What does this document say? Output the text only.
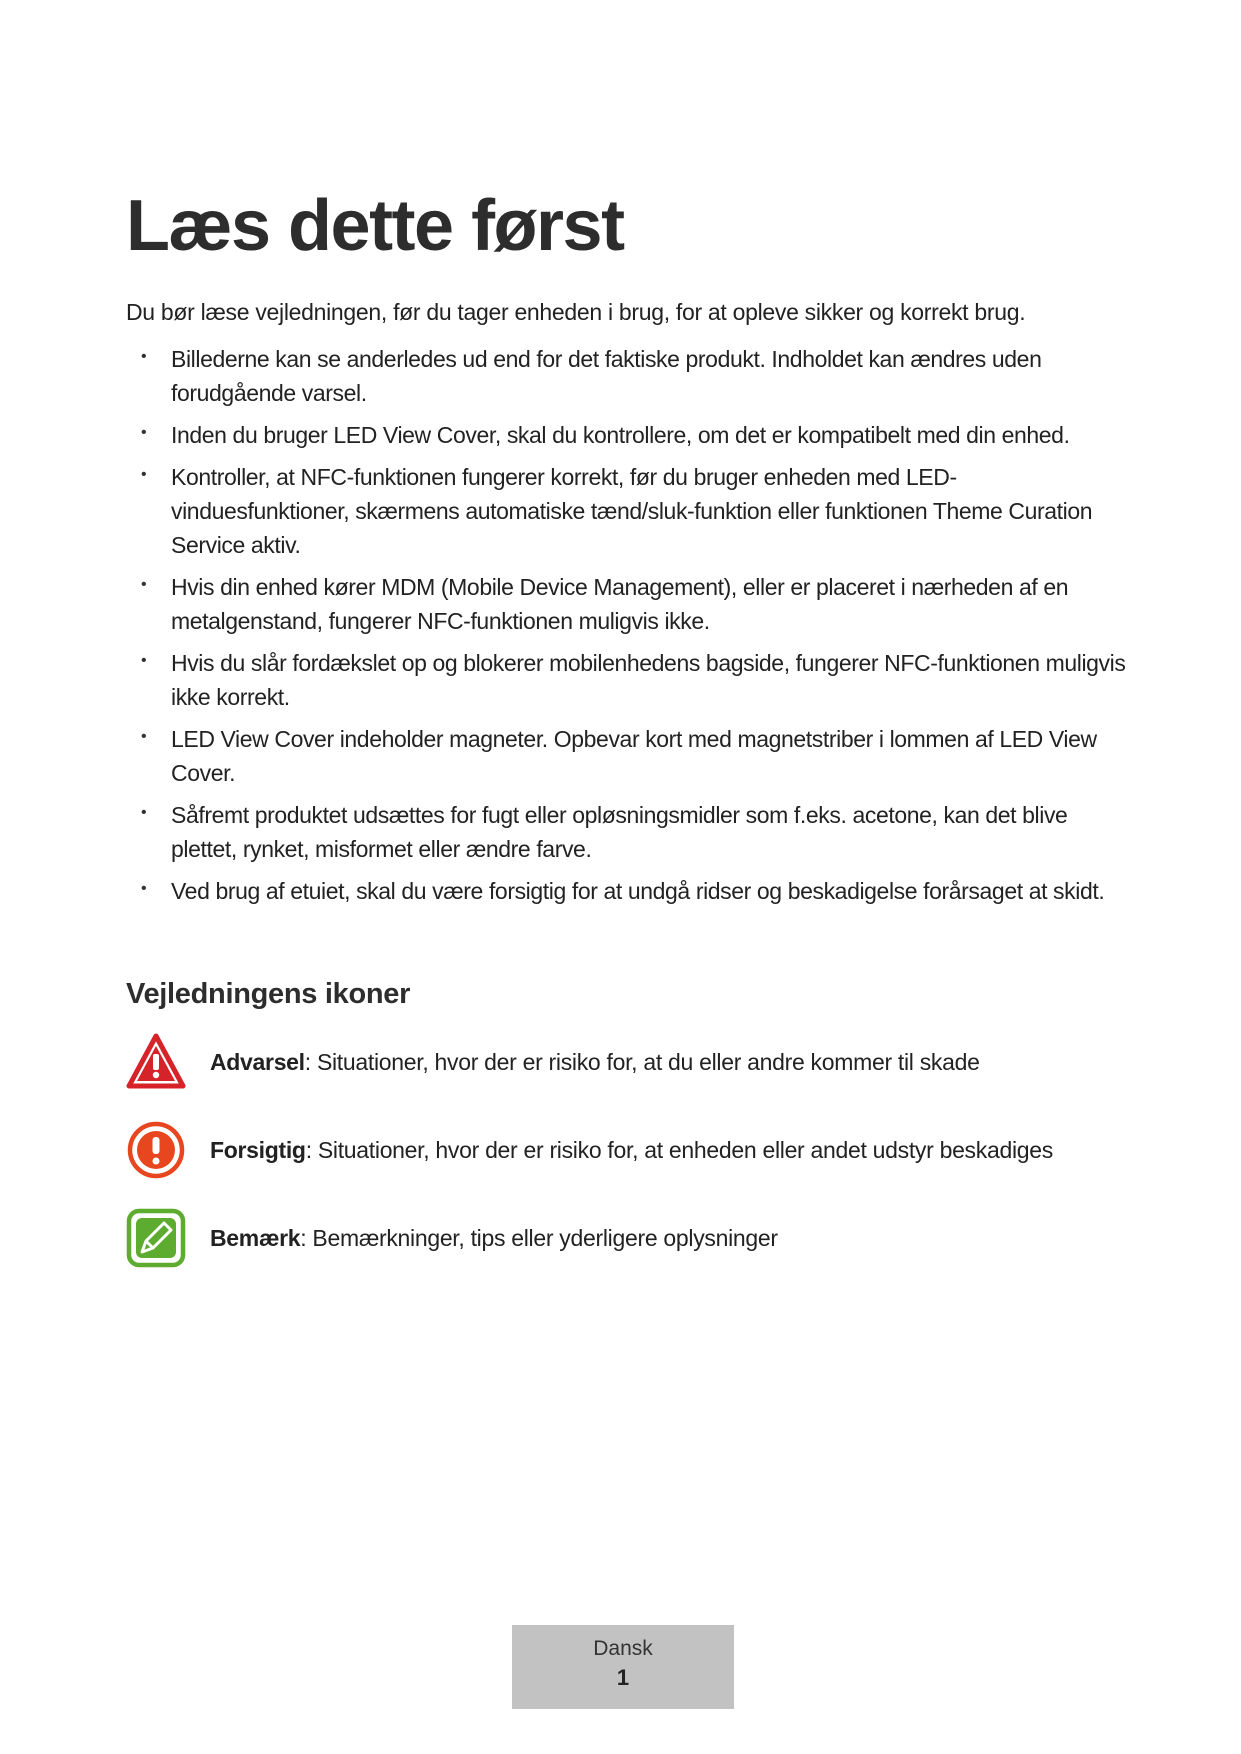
Læs dette først

Du bør læse vejledningen, før du tager enheden i brug, for at opleve sikker og korrekt brug.

• Billederne kan se anderledes ud end for det faktiske produkt. Indholdet kan ændres uden forudgående varsel.
• Inden du bruger LED View Cover, skal du kontrollere, om det er kompatibelt med din enhed.
• Kontroller, at NFC-funktionen fungerer korrekt, før du bruger enheden med LED-vinduesfunktioner, skærmens automatiske tænd/sluk-funktion eller funktionen Theme Curation Service aktiv.
• Hvis din enhed kører MDM (Mobile Device Management), eller er placeret i nærheden af en metalgenstand, fungerer NFC-funktionen muligvis ikke.
• Hvis du slår fordækslet op og blokerer mobilenhedens bagside, fungerer NFC-funktionen muligvis ikke korrekt.
• LED View Cover indeholder magneter. Opbevar kort med magnetstriber i lommen af LED View Cover.
• Såfremt produktet udsættes for fugt eller opløsningsmidler som f.eks. acetone, kan det blive plettet, rynket, misformet eller ændre farve.
• Ved brug af etuiet, skal du være forsigtig for at undgå ridser og beskadigelse forårsaget at skidt.
Vejledningens ikoner
Advarsel: Situationer, hvor der er risiko for, at du eller andre kommer til skade
Forsigtig: Situationer, hvor der er risiko for, at enheden eller andet udstyr beskadiges
Bemærk: Bemærkninger, tips eller yderligere oplysninger
Dansk
1
